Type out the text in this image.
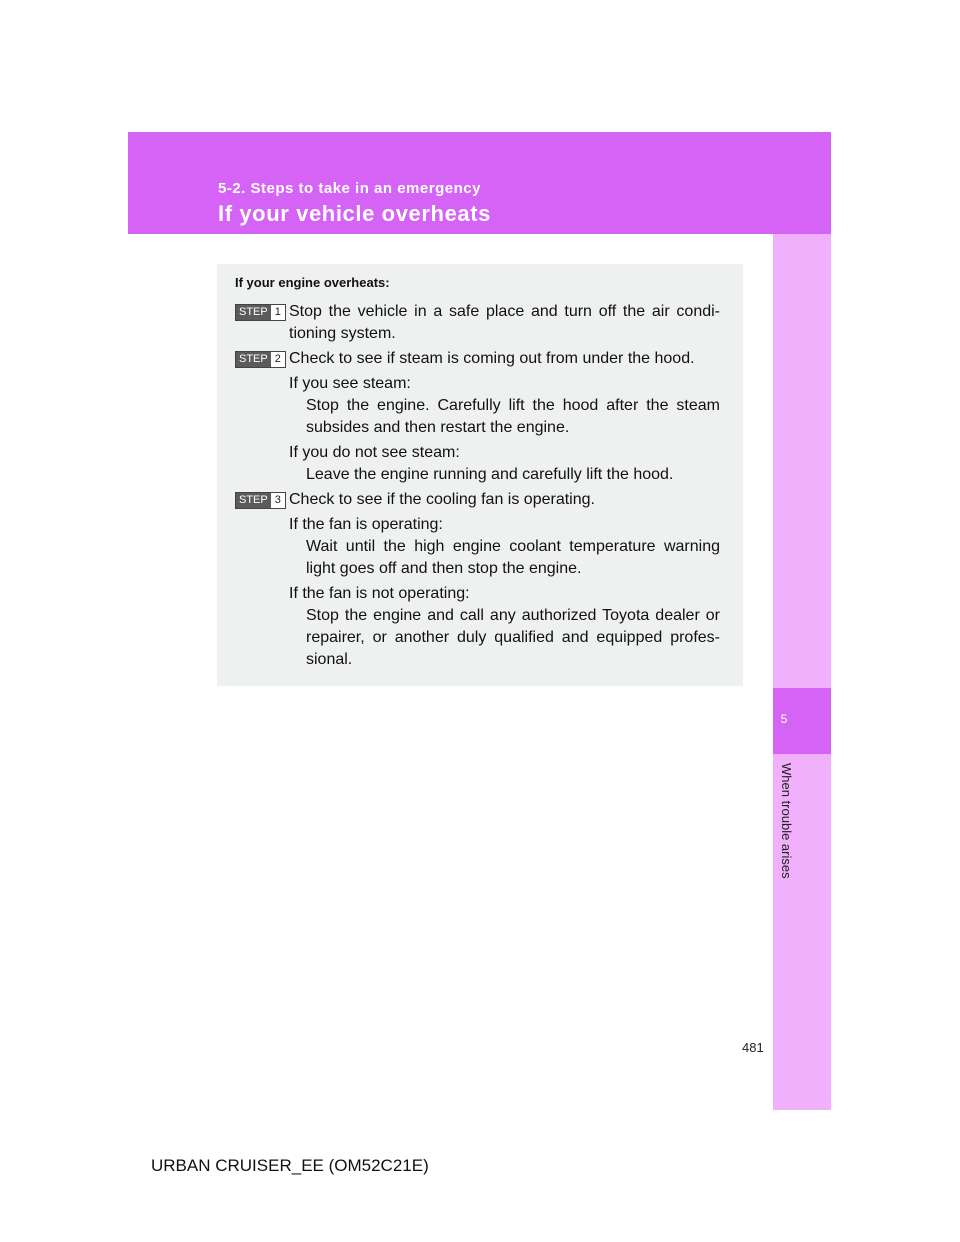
5-2. Steps to take in an emergency
If your vehicle overheats
5
When trouble arises
If your engine overheats:
STEP 1 Stop the vehicle in a safe place and turn off the air condi- tioning system.
STEP 2 Check to see if steam is coming out from under the hood.
If you see steam:
Stop the engine. Carefully lift the hood after the steam subsides and then restart the engine.
If you do not see steam:
Leave the engine running and carefully lift the hood.
STEP 3 Check to see if the cooling fan is operating.
If the fan is operating:
Wait until the high engine coolant temperature warning light goes off and then stop the engine.
If the fan is not operating:
Stop the engine and call any authorized Toyota dealer or repairer, or another duly qualified and equipped profes- sional.
481
URBAN CRUISER_EE (OM52C21E)
